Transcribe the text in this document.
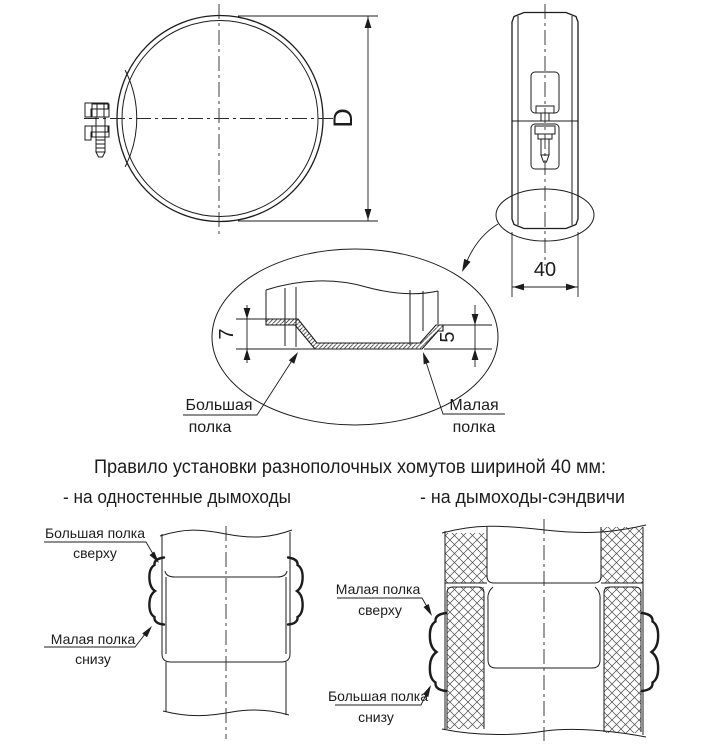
D
40
7	5
Большая
полка
Малая
полка
Правило установки разнополочных хомутов шириной 40 мм:
- на одностенные дымоходы	- на дымоходы-сэндвичи
Большая полка
сверху
Малая полка
снизу
Малая полка
сверху
Большая полка
снизу
